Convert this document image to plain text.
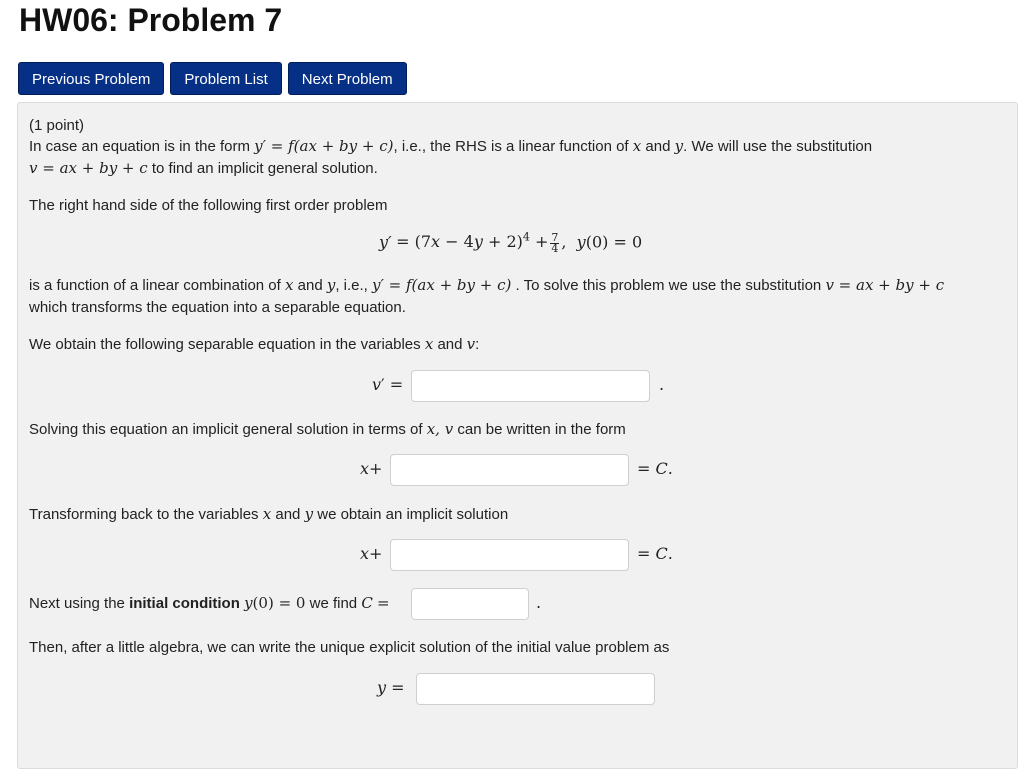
HW06: Problem 7
Previous Problem	Problem List	Next Problem
(1 point)
In case an equation is in the form y′ = f(ax + by + c), i.e., the RHS is a linear function of x and y. We will use the substitution
v = ax + by + c to find an implicit general solution.
The right hand side of the following first order problem
$y' = (7x - 4y + 2)^4 + \frac{7}{4}$ ,  y(0) = 0
is a function of a linear combination of x and y, i.e., y′ = f(ax + by + c) . To solve this problem we use the substitution v = ax + by + c
which transforms the equation into a separable equation.
We obtain the following separable equation in the variables x and v:
v′ =	.
Solving this equation an implicit general solution in terms of x, v can be written in the form
x+	= C.
Transforming back to the variables x and y we obtain an implicit solution
x+	= C.
Next using the initial condition y(0) = 0 we find C =	.
Then, after a little algebra, we can write the unique explicit solution of the initial value problem as
y =
